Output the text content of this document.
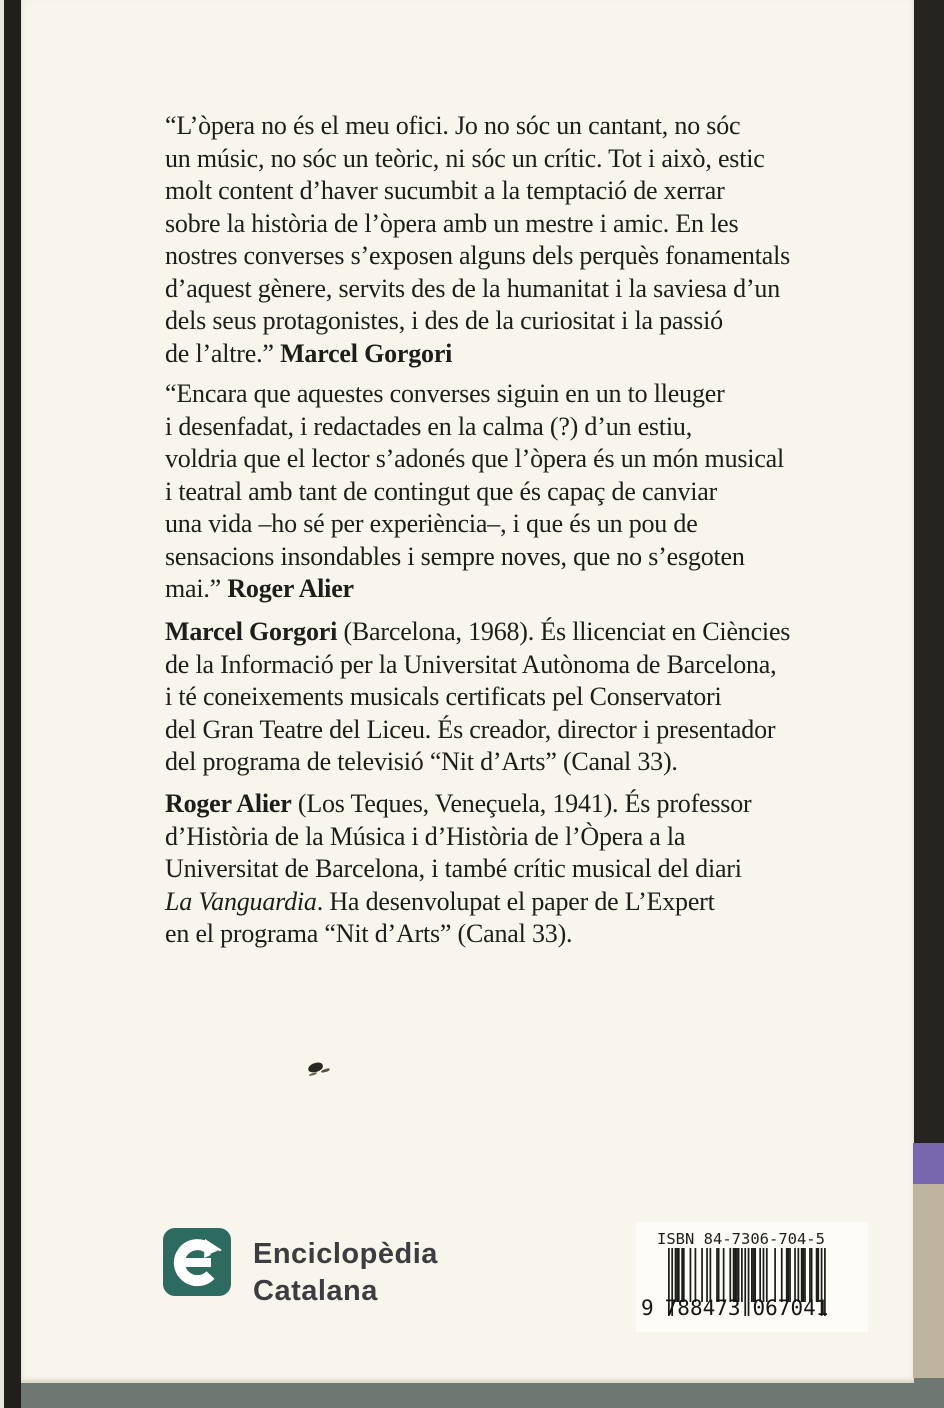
“L’òpera no és el meu ofici. Jo no sóc un cantant, no sóc
un músic, no sóc un teòric, ni sóc un crític. Tot i això, estic
molt content d’haver sucumbit a la temptació de xerrar
sobre la història de l’òpera amb un mestre i amic. En les
nostres converses s’exposen alguns dels perquès fonamentals
d’aquest gènere, servits des de la humanitat i la saviesa d’un
dels seus protagonistes, i des de la curiositat i la passió
de l’altre.” Marcel Gorgori
“Encara que aquestes converses siguin en un to lleuger
i desenfadat, i redactades en la calma (?) d’un estiu,
voldria que el lector s’adonés que l’òpera és un món musical
i teatral amb tant de contingut que és capaç de canviar
una vida –ho sé per experiència–, i que és un pou de
sensacions insondables i sempre noves, que no s’esgoten
mai.” Roger Alier
Marcel Gorgori (Barcelona, 1968). És llicenciat en Ciències
de la Informació per la Universitat Autònoma de Barcelona,
i té coneixements musicals certificats pel Conservatori
del Gran Teatre del Liceu. És creador, director i presentador
del programa de televisió “Nit d’Arts” (Canal 33).
Roger Alier (Los Teques, Veneçuela, 1941). És professor
d’Història de la Música i d’Història de l’Òpera a la
Universitat de Barcelona, i també crític musical del diari
La Vanguardia. Ha desenvolupat el paper de L’Expert
en el programa “Nit d’Arts” (Canal 33).
Enciclopèdia
Catalana
ISBN 84-7306-704-5
9 788473 067041
